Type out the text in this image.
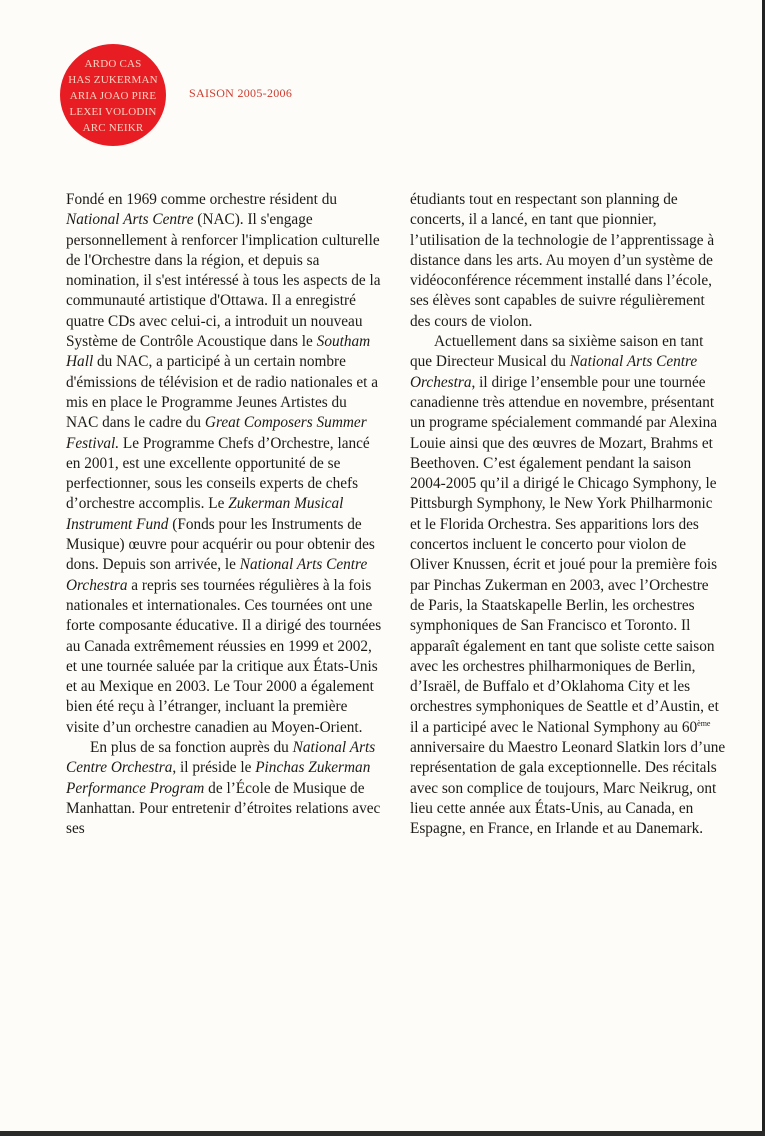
ARDO CAS
HAS ZUKERMAN
ARIA JOAO PIRE
LEXEI VOLODIN
ARC NEIKR
SAISON 2005-2006

Fondé en 1969 comme orchestre résident du National Arts Centre (NAC). Il s'engage personnellement à renforcer l'implication culturelle de l'Orchestre dans la région, et depuis sa nomination, il s'est intéressé à tous les aspects de la communauté artistique d'Ottawa. Il a enregistré quatre CDs avec celui-ci, a introduit un nouveau Système de Contrôle Acoustique dans le Southam Hall du NAC, a participé à un certain nombre d'émissions de télévision et de radio nationales et a mis en place le Programme Jeunes Artistes du NAC dans le cadre du Great Composers Summer Festival. Le Programme Chefs d’Orchestre, lancé en 2001, est une excellente opportunité de se perfectionner, sous les conseils experts de chefs d’orchestre accomplis. Le Zukerman Musical Instrument Fund (Fonds pour les Instruments de Musique) œuvre pour acquérir ou pour obtenir des dons. Depuis son arrivée, le National Arts Centre Orchestra a repris ses tournées régulières à la fois nationales et internationales. Ces tournées ont une forte composante éducative. Il a dirigé des tournées au Canada extrêmement réussies en 1999 et 2002, et une tournée saluée par la critique aux États-Unis et au Mexique en 2003. Le Tour 2000 a également bien été reçu à l’étranger, incluant la première visite d’un orchestre canadien au Moyen-Orient.

En plus de sa fonction auprès du National Arts Centre Orchestra, il préside le Pinchas Zukerman Performance Program de l’École de Musique de Manhattan. Pour entretenir d’étroites relations avec ses

étudiants tout en respectant son planning de concerts, il a lancé, en tant que pionnier, l’utilisation de la technologie de l’apprentissage à distance dans les arts. Au moyen d’un système de vidéoconférence récemment installé dans l’école, ses élèves sont capables de suivre régulièrement des cours de violon.

Actuellement dans sa sixième saison en tant que Directeur Musical du National Arts Centre Orchestra, il dirige l’ensemble pour une tournée canadienne très attendue en novembre, présentant un programe spécialement commandé par Alexina Louie ainsi que des œuvres de Mozart, Brahms et Beethoven. C’est également pendant la saison 2004-2005 qu’il a dirigé le Chicago Symphony, le Pittsburgh Symphony, le New York Philharmonic et le Florida Orchestra. Ses apparitions lors des concertos incluent le concerto pour violon de Oliver Knussen, écrit et joué pour la première fois par Pinchas Zukerman en 2003, avec l’Orchestre de Paris, la Staatskapelle Berlin, les orchestres symphoniques de San Francisco et Toronto. Il apparaît également en tant que soliste cette saison avec les orchestres philharmoniques de Berlin, d’Israël, de Buffalo et d’Oklahoma City et les orchestres symphoniques de Seattle et d’Austin, et il a participé avec le National Symphony au 60ème anniversaire du Maestro Leonard Slatkin lors d’une représentation de gala exceptionnelle. Des récitals avec son complice de toujours, Marc Neikrug, ont lieu cette année aux États-Unis, au Canada, en Espagne, en France, en Irlande et au Danemark.
